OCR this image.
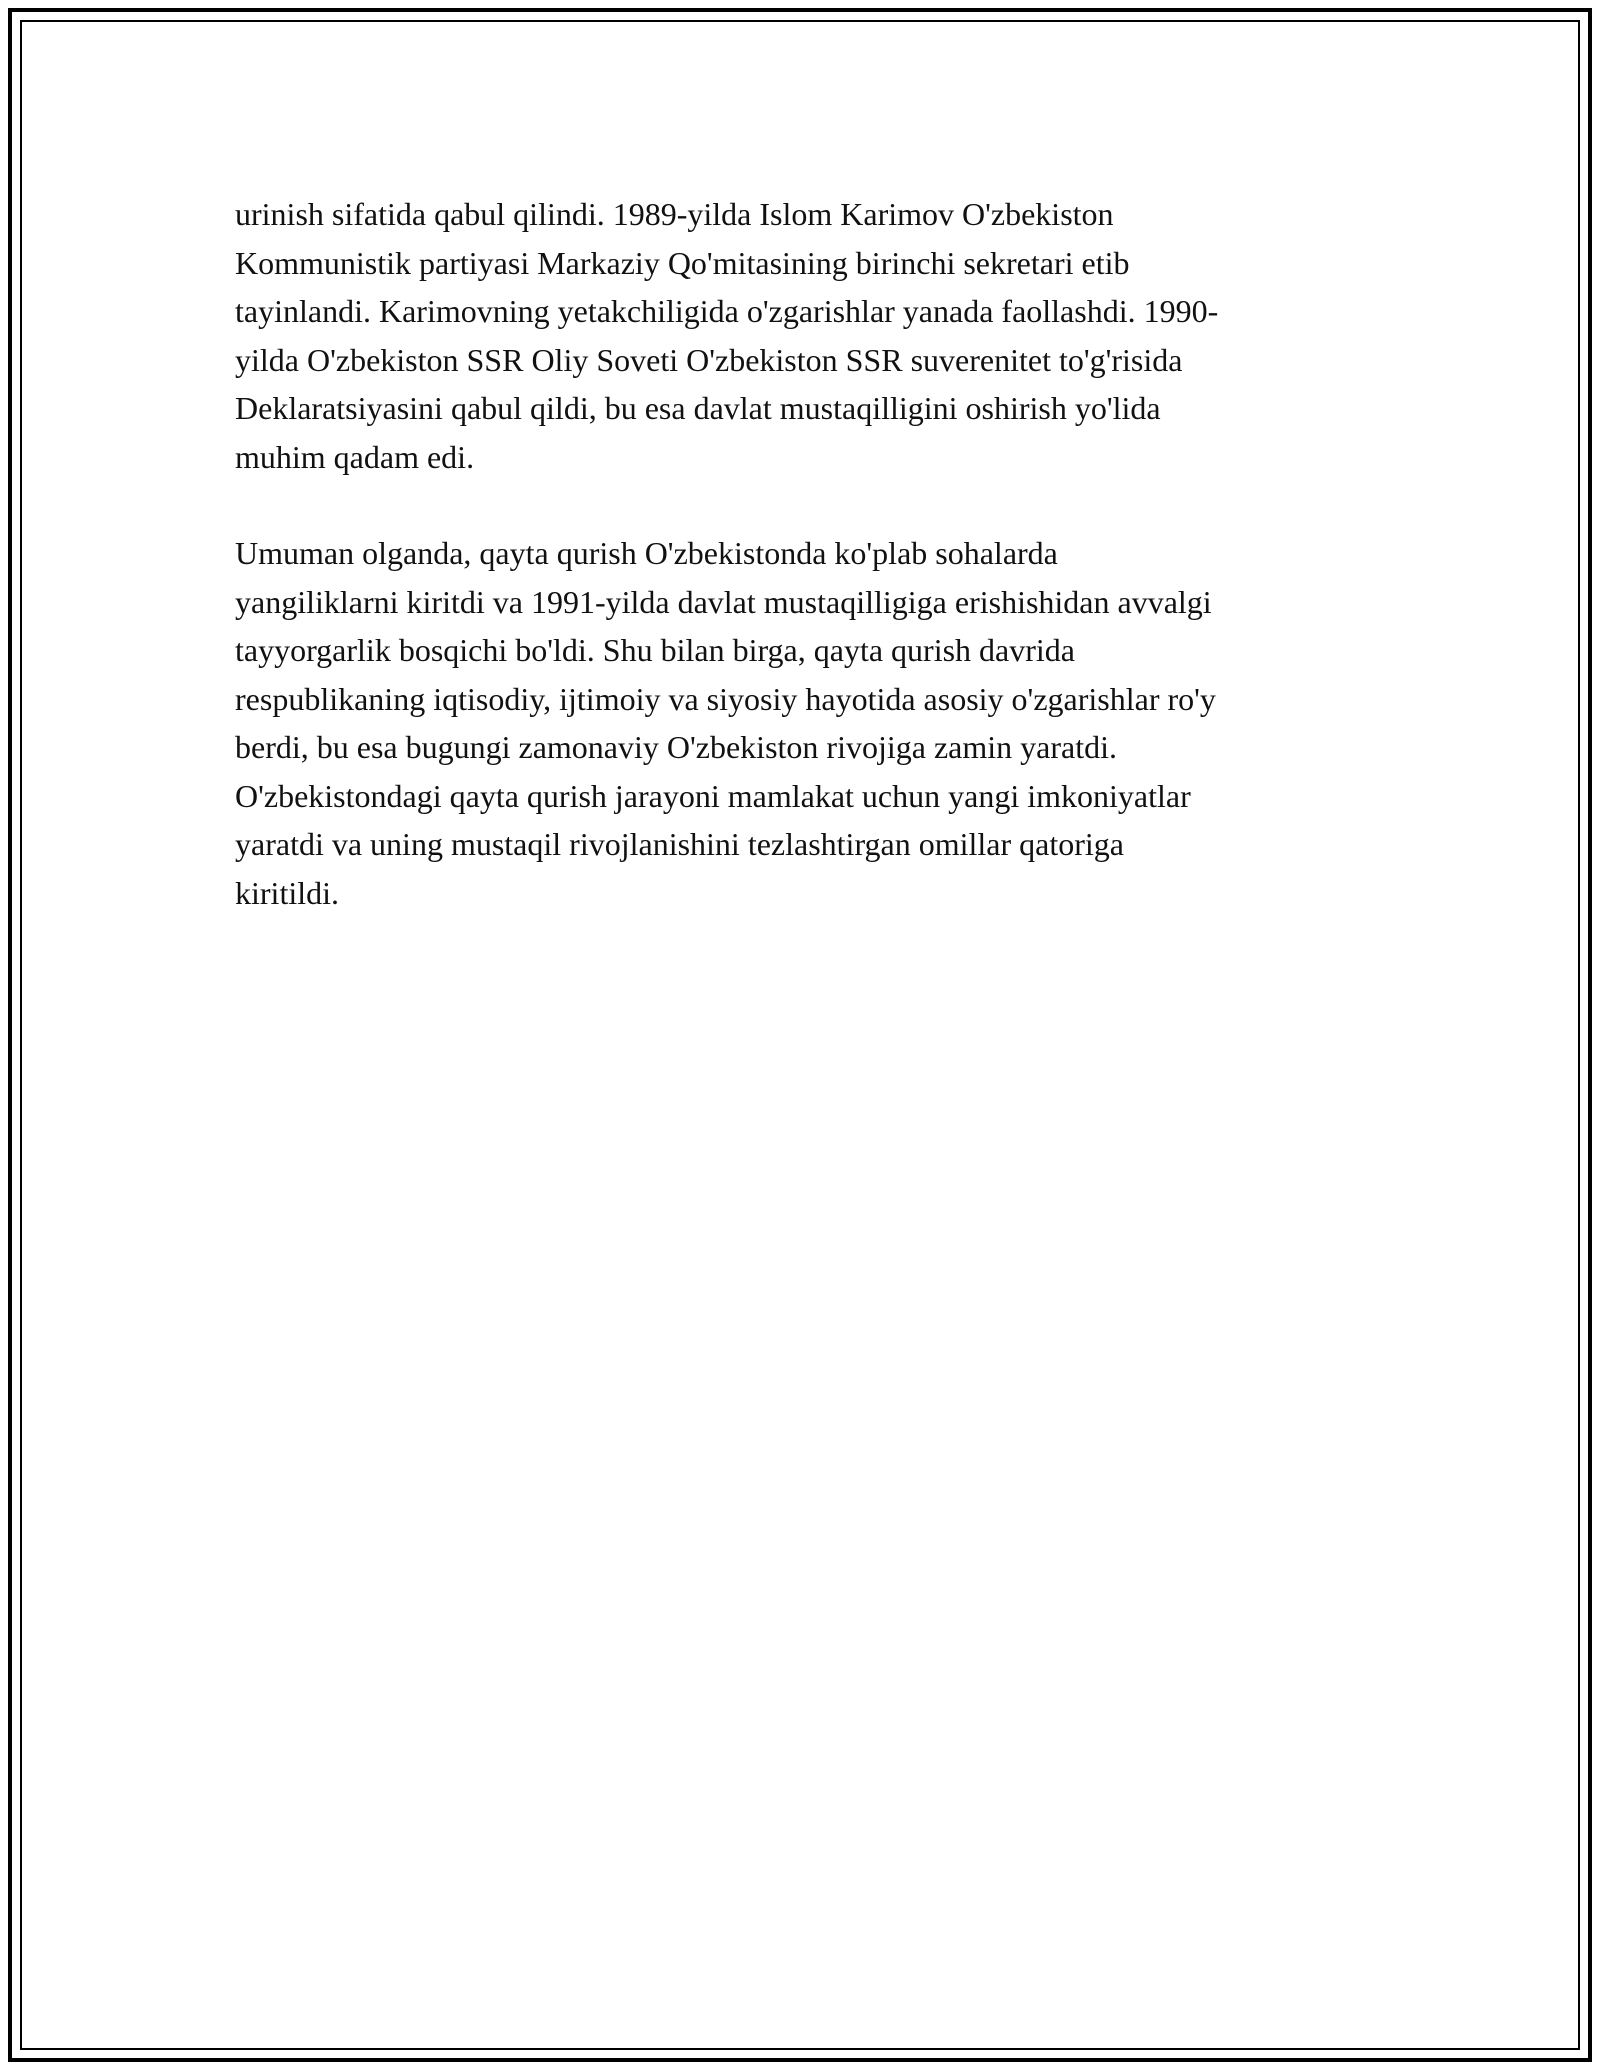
urinish sifatida qabul qilindi. 1989-yilda Islom Karimov O'zbekiston
Kommunistik partiyasi Markaziy Qo'mitasining birinchi sekretari etib
tayinlandi. Karimovning yetakchiligida o'zgarishlar yanada faollashdi. 1990-
yilda O'zbekiston SSR Oliy Soveti O'zbekiston SSR suverenitet to'g'risida
Deklaratsiyasini qabul qildi, bu esa davlat mustaqilligini oshirish yo'lida
muhim qadam edi.

Umuman olganda, qayta qurish O'zbekistonda ko'plab sohalarda
yangiliklarni kiritdi va 1991-yilda davlat mustaqilligiga erishishidan avvalgi
tayyorgarlik bosqichi bo'ldi. Shu bilan birga, qayta qurish davrida
respublikaning iqtisodiy, ijtimoiy va siyosiy hayotida asosiy o'zgarishlar ro'y
berdi, bu esa bugungi zamonaviy O'zbekiston rivojiga zamin yaratdi.
O'zbekistondagi qayta qurish jarayoni mamlakat uchun yangi imkoniyatlar
yaratdi va uning mustaqil rivojlanishini tezlashtirgan omillar qatoriga
kiritildi.
